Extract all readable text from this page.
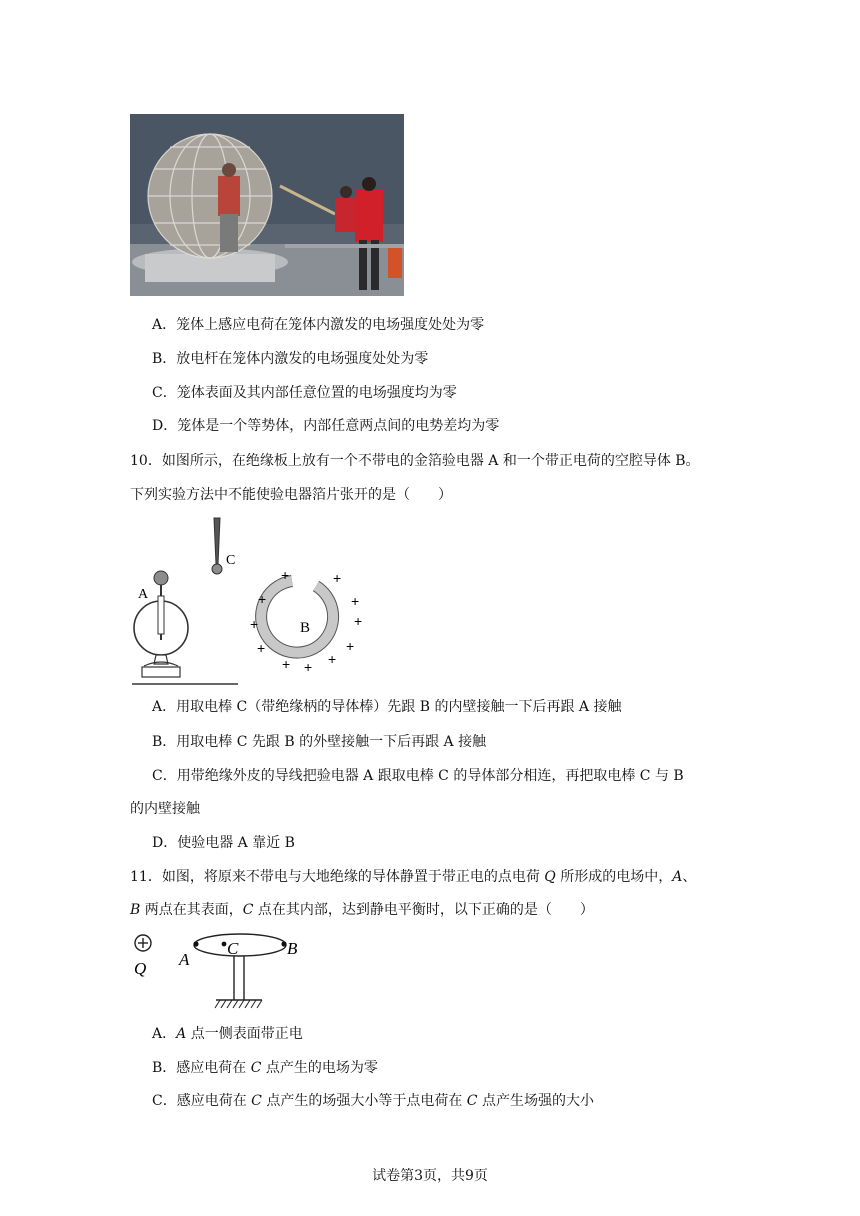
A．笼体上感应电荷在笼体内激发的电场强度处处为零
B．放电杆在笼体内激发的电场强度处处为零
C．笼体表面及其内部任意位置的电场强度均为零
D．笼体是一个等势体，内部任意两点间的电势差均为零
10．如图所示，在绝缘板上放有一个不带电的金箔验电器 A 和一个带正电荷的空腔导体 B。
下列实验方法中不能使验电器箔片张开的是（　　）
C
A
B
+	+
+	+
+	+
+	+
+ + +
A．用取电棒 C（带绝缘柄的导体棒）先跟 B 的内壁接触一下后再跟 A 接触
B．用取电棒 C 先跟 B 的外壁接触一下后再跟 A 接触
C．用带绝缘外皮的导线把验电器 A 跟取电棒 C 的导体部分相连，再把取电棒 C 与 B
的内壁接触
D．使验电器 A 靠近 B
11．如图，将原来不带电与大地绝缘的导体静置于带正电的点电荷 Q 所形成的电场中，A、
B 两点在其表面，C 点在其内部，达到静电平衡时，以下正确的是（　　）
Q A
C	B
A．A 点一侧表面带正电
B．感应电荷在 C 点产生的电场为零
C．感应电荷在 C 点产生的场强大小等于点电荷在 C 点产生场强的大小
试卷第3页，共9页
